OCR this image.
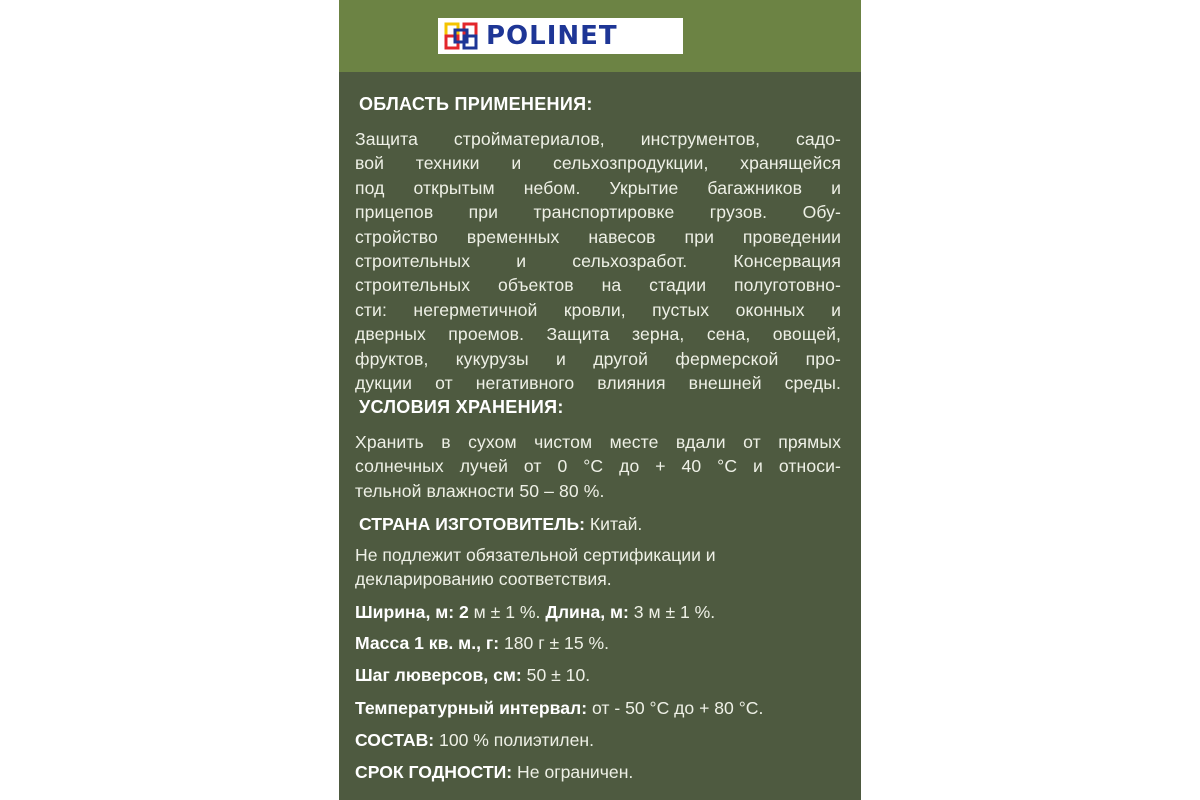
POLINET
ОБЛАСТЬ ПРИМЕНЕНИЯ:
Защита стройматериалов, инструментов, садо-
вой техники и сельхозпродукции, хранящейся
под открытым небом. Укрытие багажников и
прицепов при транспортировке грузов. Обу-
стройство временных навесов при проведении
строительных и сельхозработ. Консервация
строительных объектов на стадии полуготовно-
сти: негерметичной кровли, пустых оконных и
дверных проемов. Защита зерна, сена, овощей,
фруктов, кукурузы и другой фермерской про-
дукции от негативного влияния внешней среды.
УСЛОВИЯ ХРАНЕНИЯ:
Хранить в сухом чистом месте вдали от прямых
солнечных лучей от 0 °С до + 40 °С и относи-
тельной влажности 50 – 80 %.
СТРАНА ИЗГОТОВИТЕЛЬ: Китай.
Не подлежит обязательной сертификации и
декларированию соответствия.
Ширина, м: 2 м ± 1 %. Длина, м: 3 м ± 1 %.
Масса 1 кв. м., г: 180 г ± 15 %.
Шаг люверсов, см: 50 ± 10.
Температурный интервал: от - 50 °С до + 80 °С.
СОСТАВ: 100 % полиэтилен.
СРОК ГОДНОСТИ: Не ограничен.
